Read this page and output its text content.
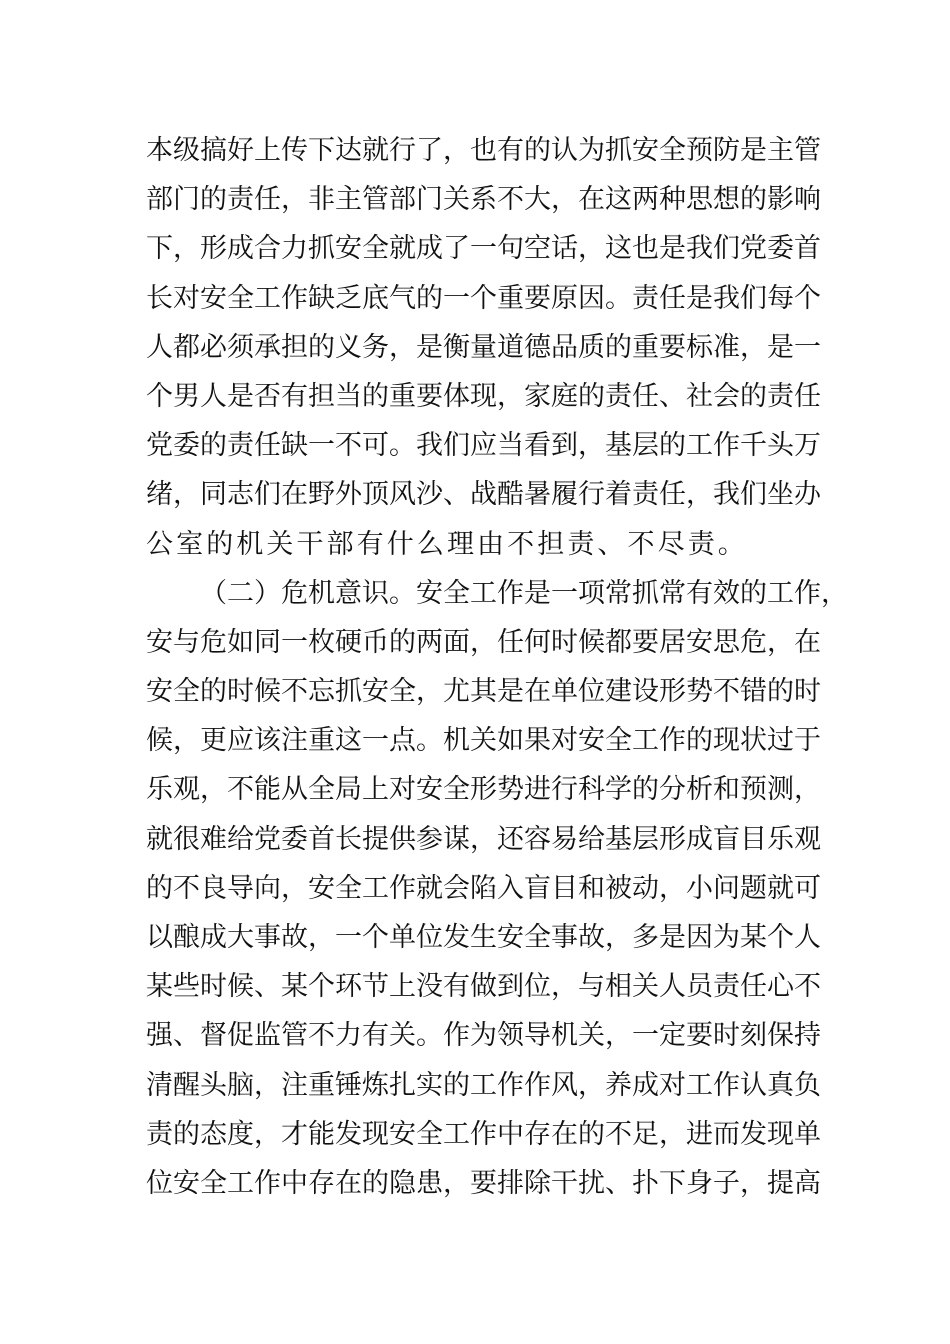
本 级 搞 好 上 传 下 达 就 行 了 ， 也 有 的 认 为 抓 安 全 预 防 是 主 管
部 门 的 责 任 ， 非 主 管 部 门 关 系 不 大 ， 在 这 两 种 思 想 的 影 响
下 ， 形 成 合 力 抓 安 全 就 成 了 一 句 空 话 ， 这 也 是 我 们 党 委 首
长 对 安 全 工 作 缺 乏 底 气 的 一 个 重 要 原 因 。 责 任 是 我 们 每 个
人 都 必 须 承 担 的 义 务 ， 是 衡 量 道 德 品 质 的 重 要 标 准 ， 是 一
个 男 人 是 否 有 担 当 的 重 要 体 现 ， 家 庭 的 责 任 、 社 会 的 责 任
党 委 的 责 任 缺 一 不 可 。 我 们 应 当 看 到 ， 基 层 的 工 作 千 头 万
绪 ， 同 志 们 在 野 外 顶 风 沙 、 战 酷 暑 履 行 着 责 任 ， 我 们 坐 办
公 室 的 机 关 干 部 有 什 么 理 由 不 担 责 、 不 尽 责 。

（ 二 ） 危 机 意 识 。 安 全 工 作 是 一 项 常 抓 常 有 效 的 工 作 ，
安 与 危 如 同 一 枚 硬 币 的 两 面 ， 任 何 时 候 都 要 居 安 思 危 ， 在
安 全 的 时 候 不 忘 抓 安 全 ， 尤 其 是 在 单 位 建 设 形 势 不 错 的 时
候 ， 更 应 该 注 重 这 一 点 。 机 关 如 果 对 安 全 工 作 的 现 状 过 于
乐 观 ， 不 能 从 全 局 上 对 安 全 形 势 进 行 科 学 的 分 析 和 预 测 ，
就 很 难 给 党 委 首 长 提 供 参 谋 ， 还 容 易 给 基 层 形 成 盲 目 乐 观
的 不 良 导 向 ， 安 全 工 作 就 会 陷 入 盲 目 和 被 动 ， 小 问 题 就 可
以 酿 成 大 事 故 ， 一 个 单 位 发 生 安 全 事 故 ， 多 是 因 为 某 个 人
某 些 时 候 、 某 个 环 节 上 没 有 做 到 位 ， 与 相 关 人 员 责 任 心 不
强 、 督 促 监 管 不 力 有 关 。 作 为 领 导 机 关 ， 一 定 要 时 刻 保 持
清 醒 头 脑 ， 注 重 锤 炼 扎 实 的 工 作 作 风 ， 养 成 对 工 作 认 真 负
责 的 态 度 ， 才 能 发 现 安 全 工 作 中 存 在 的 不 足 ， 进 而 发 现 单
位 安 全 工 作 中 存 在 的 隐 患 ， 要 排 除 干 扰 、 扑 下 身 子 ， 提 高
